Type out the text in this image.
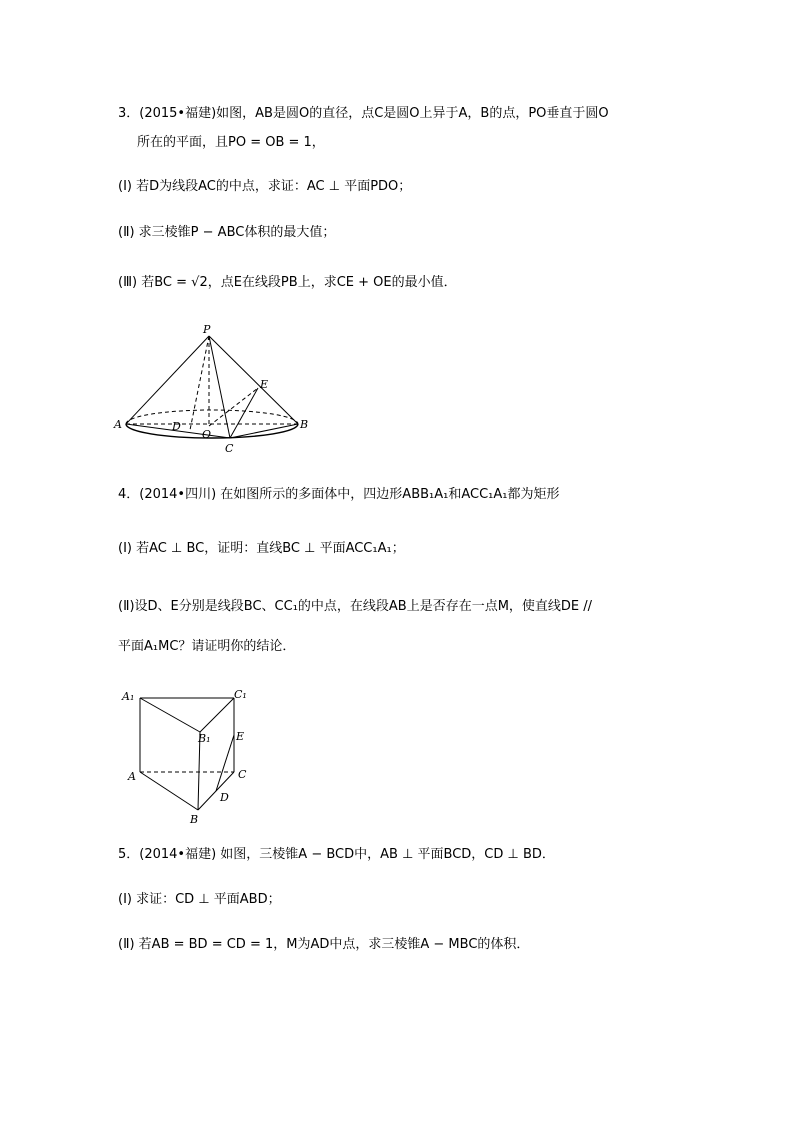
3．(2015•福建)如图，AB是圆O的直径，点C是圆O上异于A，B的点，PO垂直于圆O
所在的平面，且PO = OB = 1，
(Ⅰ) 若D为线段AC的中点，求证：AC ⊥ 平面PDO；
(Ⅱ) 求三棱锥P − ABC体积的最大值；
(Ⅲ) 若BC = √2，点E在线段PB上，求CE + OE的最小值．
P
A	B
C
D
O
E
4．(2014•四川) 在如图所示的多面体中，四边形ABB₁A₁和ACC₁A₁都为矩形
(Ⅰ) 若AC ⊥ BC，证明：直线BC ⊥ 平面ACC₁A₁；
(Ⅱ)设D、E分别是线段BC、CC₁的中点，在线段AB上是否存在一点M，使直线DE //
平面A₁MC？请证明你的结论．
A₁	C₁
B₁ E
A	C
D
B
5．(2014•福建) 如图，三棱锥A − BCD中，AB ⊥ 平面BCD，CD ⊥ BD．
(Ⅰ) 求证：CD ⊥ 平面ABD；
(Ⅱ) 若AB = BD = CD = 1，M为AD中点，求三棱锥A − MBC的体积．
